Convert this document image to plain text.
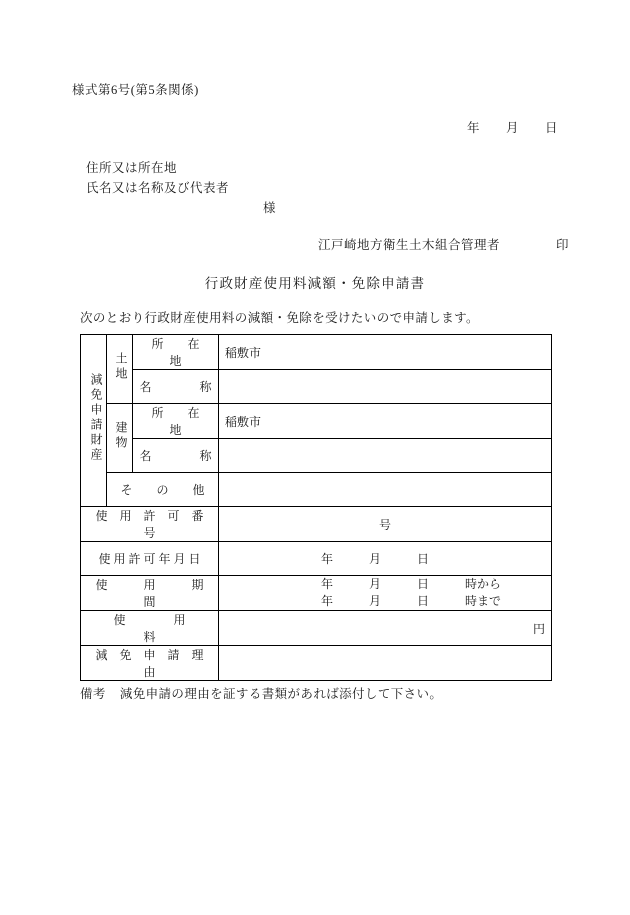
様式第6号(第5条関係)
年 月 日
住所又は所在地
氏名又は名称及び代表者
様
江戸崎地方衛生土木組合管理者	印
行政財産使用料減額・免除申請書
次のとおり行政財産使用料の減額・免除を受けたいので申請します。
減免申請財産	土地	所　　在　　地	稲敷市
		名　　　　称	
	建物	所　　在　　地	稲敷市
		名　　　　称	
	そ　　の　　他		
使　用　許　可　番　号			号

使 用 許 可 年 月 日			年　　　月　　　日
使　　　用　　　期　　　間			年　　　月　　　日　　　時から
年　　　月　　　日　　　時まで

使　　　　用　　　　料			円

減　免　申　請　理　由			
備考 減免申請の理由を証する書類があれば添付して下さい。
